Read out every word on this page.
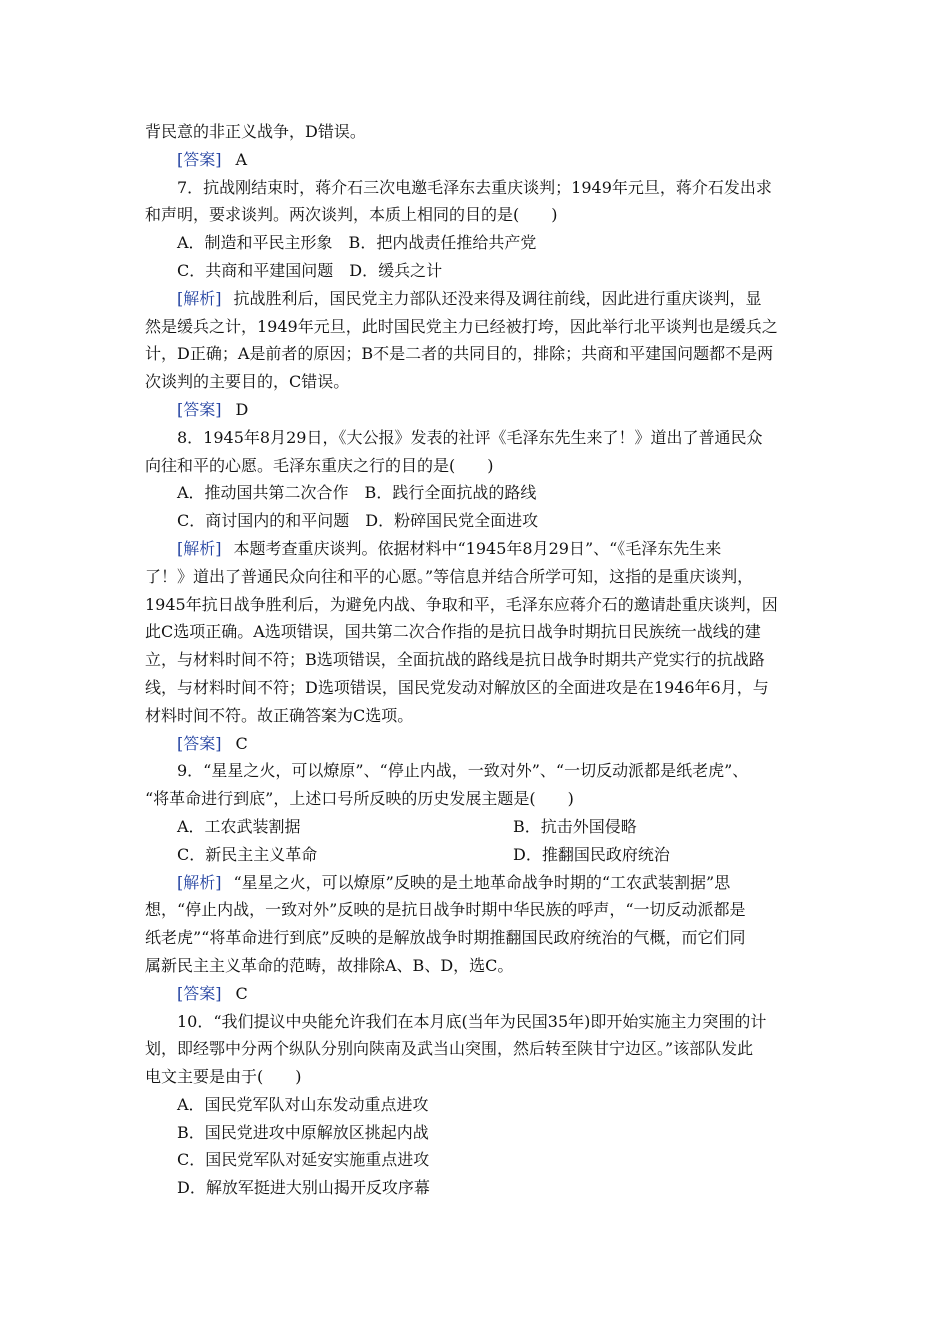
背民意的非正义战争，D错误。
[答案] A
7．抗战刚结束时，蒋介石三次电邀毛泽东去重庆谈判；1949年元旦，蒋介石发出求
和声明，要求谈判。两次谈判，本质上相同的目的是(　　)
A．制造和平民主形象　B．把内战责任推给共产党
C．共商和平建国问题　D．缓兵之计
[解析] 抗战胜利后，国民党主力部队还没来得及调往前线，因此进行重庆谈判，显
然是缓兵之计，1949年元旦，此时国民党主力已经被打垮，因此举行北平谈判也是缓兵之
计，D正确；A是前者的原因；B不是二者的共同目的，排除；共商和平建国问题都不是两
次谈判的主要目的，C错误。
[答案] D
8．1945年8月29日，《大公报》发表的社评《毛泽东先生来了！》道出了普通民众
向往和平的心愿。毛泽东重庆之行的目的是(　　)
A．推动国共第二次合作　B．践行全面抗战的路线
C．商讨国内的和平问题　D．粉碎国民党全面进攻
[解析] 本题考查重庆谈判。依据材料中“1945年8月29日”、“《毛泽东先生来
了！》道出了普通民众向往和平的心愿。”等信息并结合所学可知，这指的是重庆谈判，
1945年抗日战争胜利后，为避免内战、争取和平，毛泽东应蒋介石的邀请赴重庆谈判，因
此C选项正确。A选项错误，国共第二次合作指的是抗日战争时期抗日民族统一战线的建
立，与材料时间不符；B选项错误，全面抗战的路线是抗日战争时期共产党实行的抗战路
线，与材料时间不符；D选项错误，国民党发动对解放区的全面进攻是在1946年6月，与
材料时间不符。故正确答案为C选项。
[答案] C
9．“星星之火，可以燎原”、“停止内战，一致对外”、“一切反动派都是纸老虎”、
“将革命进行到底”，上述口号所反映的历史发展主题是(　　)
A．工农武装割据	B．抗击外国侵略
C．新民主主义革命	D．推翻国民政府统治
[解析] “星星之火，可以燎原”反映的是土地革命战争时期的“工农武装割据”思
想，“停止内战，一致对外”反映的是抗日战争时期中华民族的呼声，“一切反动派都是
纸老虎”“将革命进行到底”反映的是解放战争时期推翻国民政府统治的气概，而它们同
属新民主主义革命的范畴，故排除A、B、D，选C。
[答案] C
10．“我们提议中央能允许我们在本月底(当年为民国35年)即开始实施主力突围的计
划，即经鄂中分两个纵队分别向陕南及武当山突围，然后转至陕甘宁边区。”该部队发此
电文主要是由于(　　)
A．国民党军队对山东发动重点进攻
B．国民党进攻中原解放区挑起内战
C．国民党军队对延安实施重点进攻
D．解放军挺进大别山揭开反攻序幕
